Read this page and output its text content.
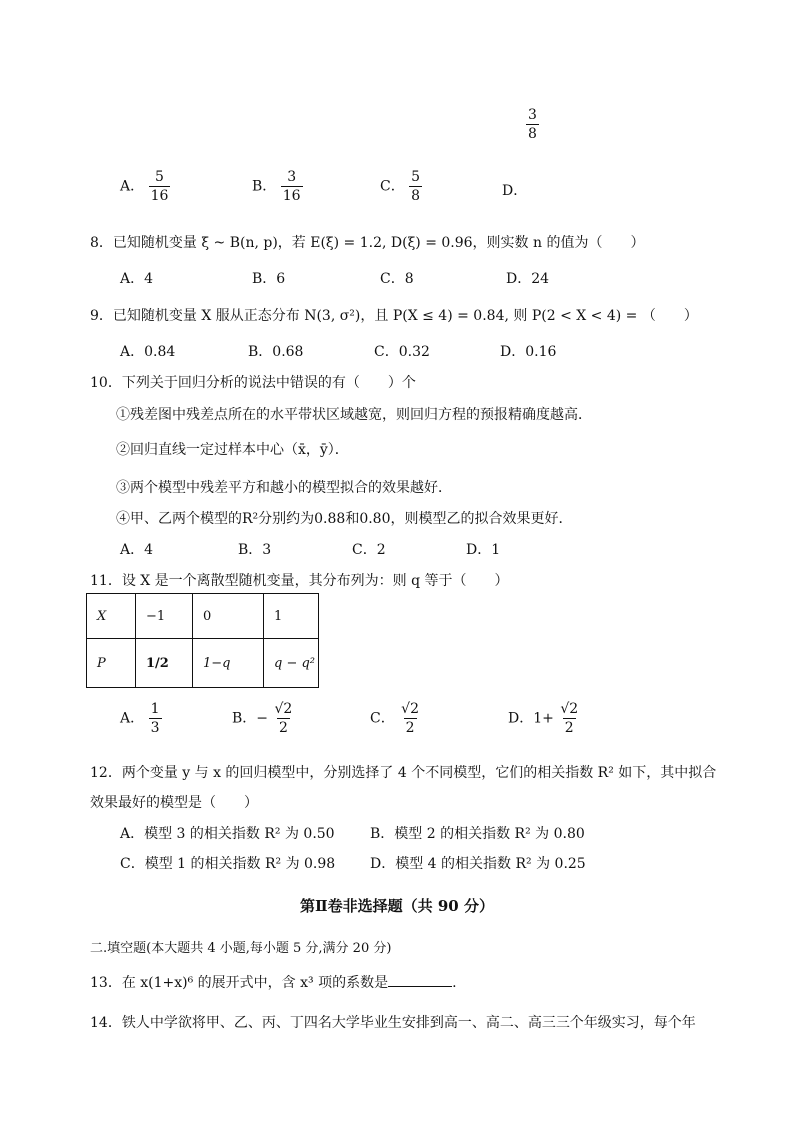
$\frac{3}{8}$
A． $\frac{5}{16}$	B． $\frac{3}{16}$	C． $\frac{5}{8}$	D．
8．已知随机变量 ξ ~ B(n, p)，若 E(ξ) = 1.2, D(ξ) = 0.96，则实数 n 的值为（　　）
A．4	B．6	C．8	D．24
9．已知随机变量 X 服从正态分布 N(3, σ²)，且 P(X ≤ 4) = 0.84, 则 P(2 < X < 4) = （　　）
A．0.84	B．0.68	C．0.32	D．0.16
10．下列关于回归分析的说法中错误的有（　　）个
①残差图中残差点所在的水平带状区域越宽，则回归方程的预报精确度越高．
②回归直线一定过样本中心（x̄，ȳ）．
③两个模型中残差平方和越小的模型拟合的效果越好．
④甲、乙两个模型的R²分别约为0.88和0.80，则模型乙的拟合效果更好．
A．4	B．3	C．2	D．1
11．设 X 是一个离散型随机变量，其分布列为：则 q 等于（　　）
X	−1	0	1
P	1/2	1−q	q − q²
A． $\frac{1}{3}$	B．− $\frac{√2}{2}$	C． $\frac{√2}{2}$	D．$1+ \frac{√2}{2}$
12．两个变量 y 与 x 的回归模型中，分别选择了 4 个不同模型，它们的相关指数 R² 如下，其中拟合
效果最好的模型是（　　）
A．模型 3 的相关指数 R² 为 0.50	B．模型 2 的相关指数 R² 为 0.80
C．模型 1 的相关指数 R² 为 0.98 D．模型 4 的相关指数 R² 为 0.25
第Ⅱ卷非选择题（共 90 分）
二.填空题(本大题共 4 小题,每小题 5 分,满分 20 分)
13．在 x(1+x)⁶ 的展开式中，含 x³ 项的系数是	.
14．铁人中学欲将甲、乙、丙、丁四名大学毕业生安排到高一、高二、高三三个年级实习，每个年
